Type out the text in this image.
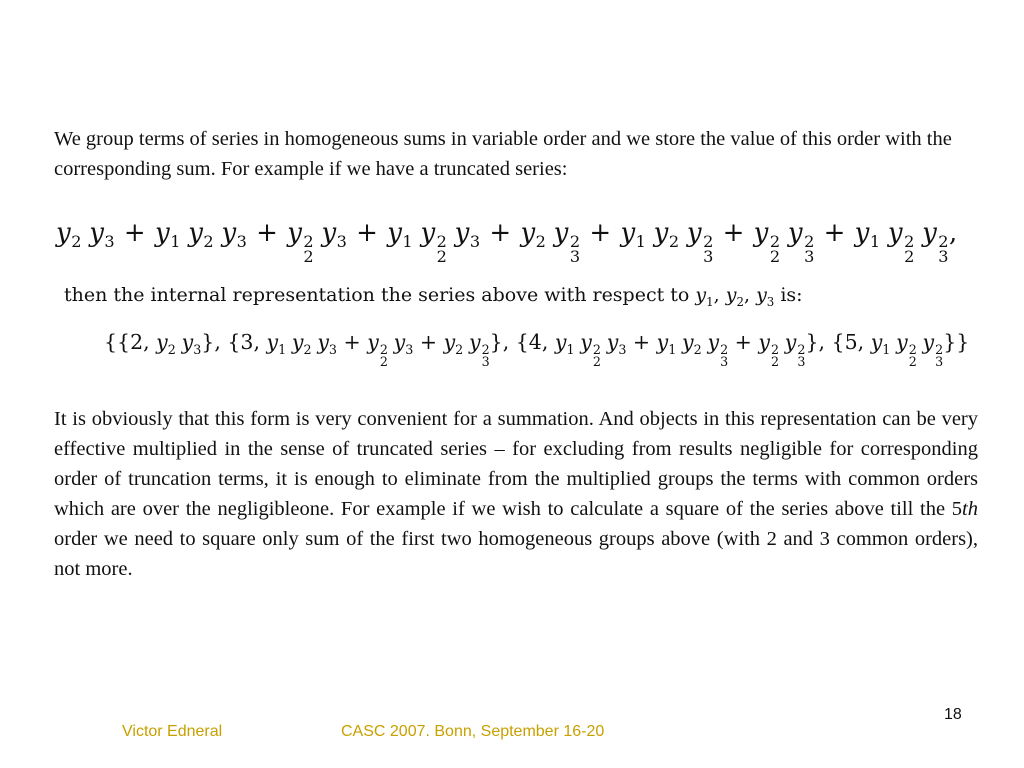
We group terms of series in homogeneous sums in variable order and we store the value of this order with the corresponding sum. For example if we have a truncated series:

$y_2$ $y_3 + y_1$ $y_2$ $y_3 + y$ 2
2
$y_3 + y_1$ y 2
2
$y_3 + y_2$ y 2
3
+ $y_1$ $y_2$ y 2
3
+ y 2
2
y 2
3
+ $y_1$ y 2
2
y 2
3
,
then the internal representation the series above with respect to $y_1$, $y_2$, $y_3$ is:
{{2, $y_2$ $y_3$}, {3, $y_1$ $y_2$ $y_3 + y$ 2
2
$y_3 + y_2$ y 2
3
}, {4, $y_1$ y 2
2
$y_3 + y_1$ $y_2$ y 2
3
+ y 2
2
y 2
3
}, {5, $y_1$ y 2
2
y 2
3
}}

It is obviously that this form is very convenient for a summation. And objects in this representation can be very effective multiplied in the sense of truncated series – for excluding from results negligible for corresponding order of truncation terms, it is enough to eliminate from the multiplied groups the terms with common orders which are over the negligibleone. For example if we wish to calculate a square of the series above till the 5th order we need to square only sum of the first two homogeneous groups above (with 2 and 3 common orders), not more.

18
Victor Edneral	CASC 2007. Bonn, September 16-20
